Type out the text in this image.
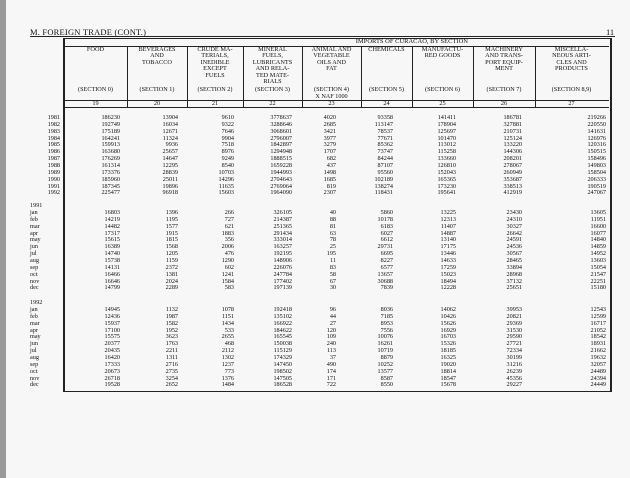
M. FOREIGN TRADE (CONT.)	11
IMPORTS OF CURACAO, BY SECTION
FOOD
(SECTION 0)
19
BEVERAGES
AND
TOBACCO
(SECTION 1)
20
CRUDE MA-
TERIALS,
INEDIBLE
EXCEPT
FUELS
(SECTION 2)
21
MINERAL
FUELS,
LUBRICANTS
AND RELA-
TED MATE-
RIALS
(SECTION 3)
22
ANIMAL AND
VEGETABLE
OILS AND
FAT
(SECTION 4)
X NAF 1000
23
CHEMICALS
(SECTION 5)
24
MANUFACTU-
RED GOODS
(SECTION 6)
25
MACHINERY
AND TRANS-
PORT EQUIP-
MENT
(SECTION 7)
26
MISCELLA-
NEOUS ARTI-
CLES AND
PRODUCTS
(SECTION 8,9)
27
1981	186230	13904	9610	3778637	4020	93358	141411	186781	219266
1982	192749	16034	9322	3288646	2685	113147	178904	327881	220550
1983	175189	12671	7646	3068601	3421	78537	125697	210731	141631
1984	164241	11324	9904	2796007	3977	77671	101470	125124	126976
1985	159913	9936	7518	1842897	3279	85362	113012	133220	120316
1986	163680	25657	8976	1294948	1707	73747	115258	144306	150515
1987	176269	14647	9249	1888515	682	84244	133660	208201	158496
1988	161314	12295	8540	1659228	437	87107	126810	278067	149803
1989	173376	28839	10703	1944993	1498	95560	152043	260949	158504
1990	185960	25011	14296	2704643	1685	102189	165365	353687	206333
1991	187345	19896	11635	2769064	819	138274	173230	338513	190519
1992	225477	96918	15603	1964090	2307	118431	195641	412919	247067
1991
jan	16803	1396	266	326105	40	5860	13225	23430	13605
feb	14219	1195	727	214387	88	10178	12313	24310	11951
mar	14482	1577	621	251365	81	6183	11407	30327	16600
apr	17317	1915	1883	291434	63	6027	14887	26642	16077
may	15615	1815	356	333014	78	6612	13140	24591	14840
jun	16389	1568	2006	163257	25	29731	17175	24536	14859
jul	14740	1205	476	192195	195	6695	13446	30567	14952
aug	15738	1159	1290	148906	11	8227	14633	28465	13603
sep	14131	2372	602	226076	83	6577	17259	33894	15054
oct	16466	1381	1241	247784	58	13657	15023	28968	21547
nov	16646	2024	1584	177402	67	30688	18494	37132	22251
dec	14799	2289	583	197139	30	7839	12228	25651	15180
1992
jan	14945	1132	1078	192418	96	8036	14062	39953	12543
feb	12436	1987	1151	135102	44	7185	10426	20821	12599
mar	15937	1582	1434	166922	27	8953	15626	29369	16717
apr	17100	1952	533	184622	120	7556	16929	31530	21052
may	15575	3623	2655	165545	109	10076	16703	29590	18542
jun	20377	1763	468	150038	240	16261	15326	27721	18931
jul	20435	2211	2112	115129	113	10719	18185	72334	21662
aug	16420	1311	1302	174329	37	8879	16325	30199	19632
sep	17333	2716	1237	147450	490	10252	19020	31216	32057
oct	20673	2735	773	198502	174	13577	18814	26239	24489
nov	26718	3254	1376	147505	171	8587	18547	45356	24394
dec	19528	2652	1484	186528	722	8550	15678	29227	24449
